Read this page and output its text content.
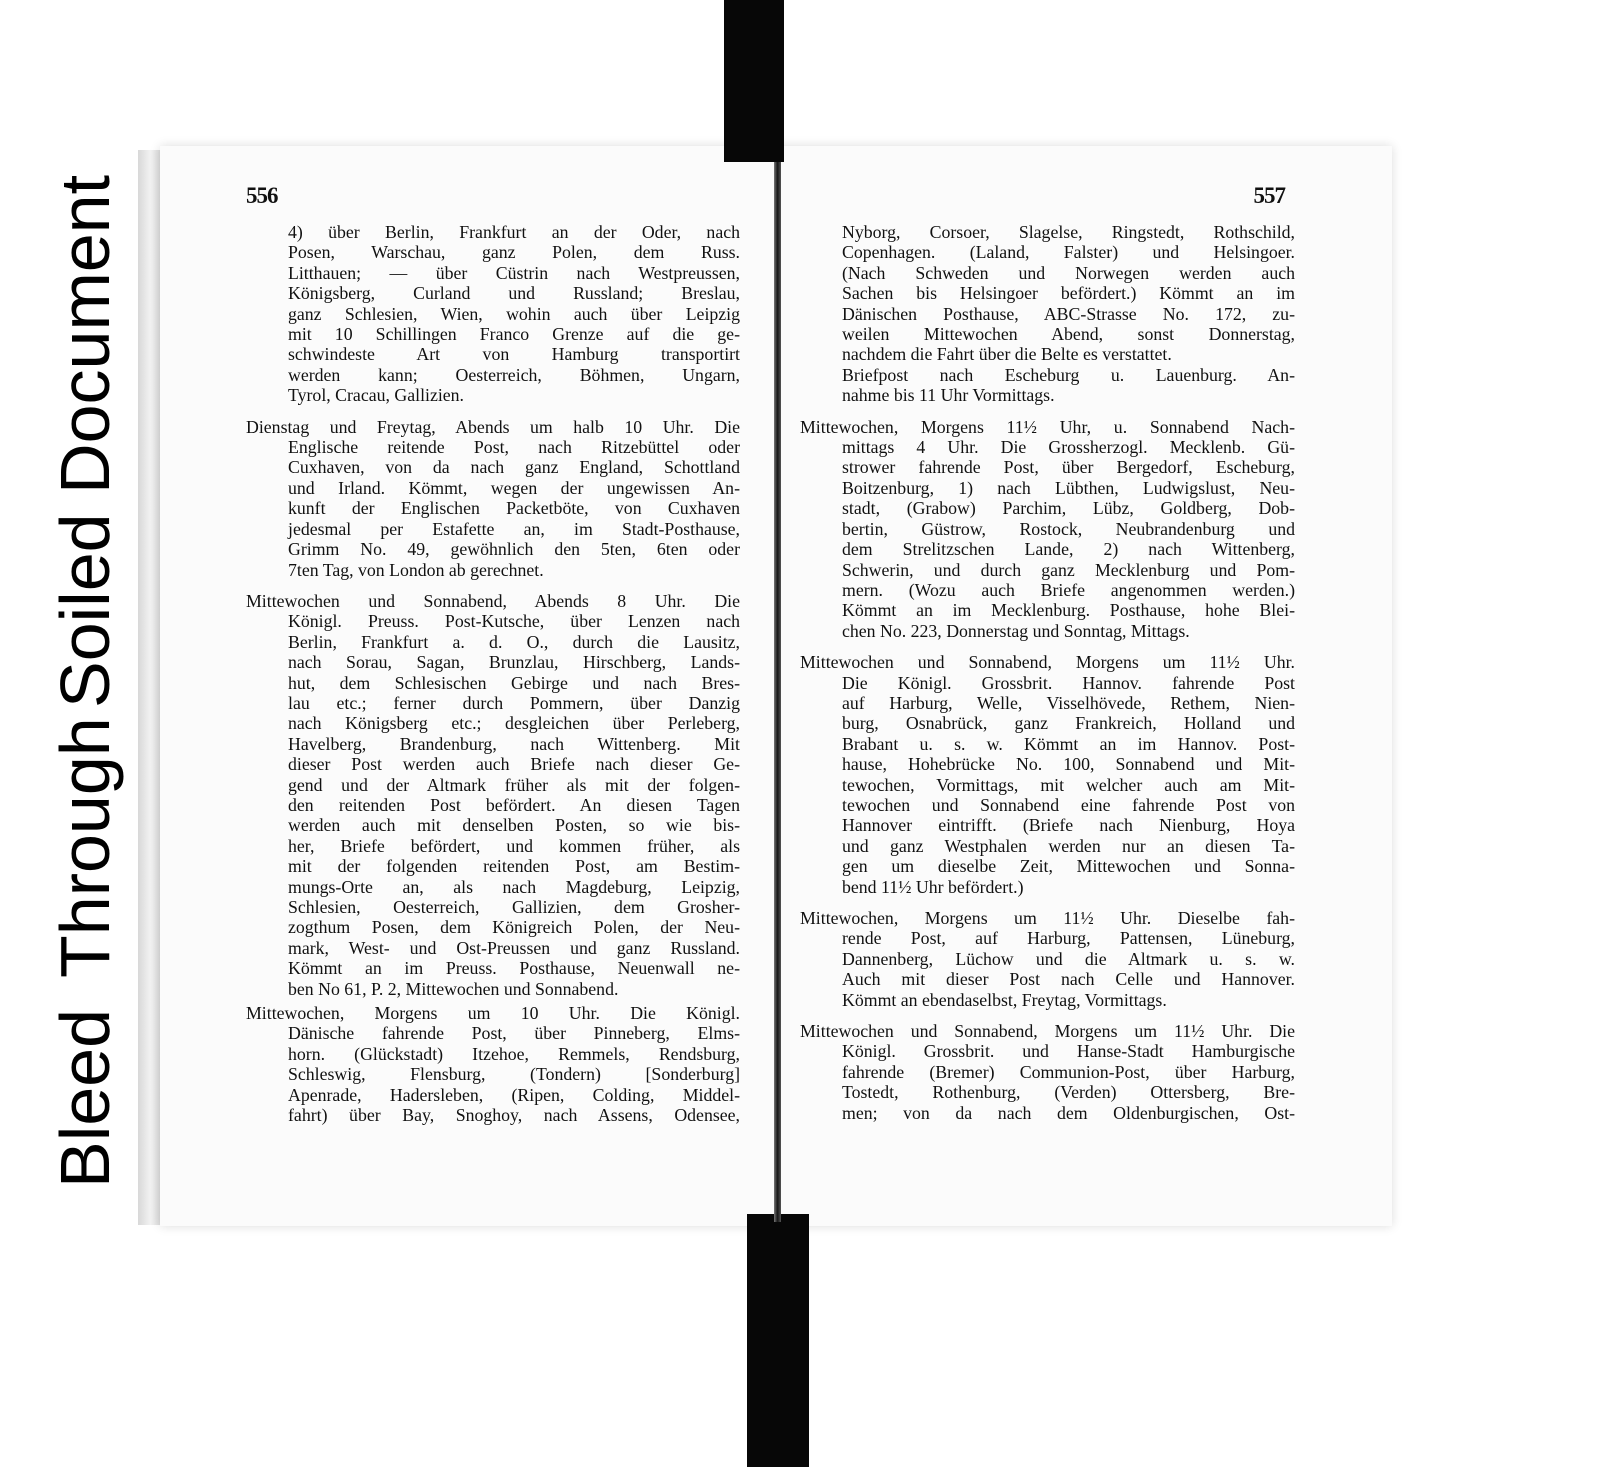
Bleed
Through
Soiled Document	556
4) über Berlin, Frankfurt an der Oder, nach
Posen, Warschau, ganz Polen, dem Russ.
Litthauen; — über Cüstrin nach Westpreussen,
Königsberg, Curland und Russland; Breslau,
ganz Schlesien, Wien, wohin auch über Leipzig
mit 10 Schillingen Franco Grenze auf die ge-
schwindeste Art von Hamburg transportirt
werden kann; Oesterreich, Böhmen, Ungarn,
Tyrol, Cracau, Gallizien.
Dienstag und Freytag, Abends um halb 10 Uhr. Die
Englische reitende Post, nach Ritzebüttel oder
Cuxhaven, von da nach ganz England, Schottland
und Irland. Kömmt, wegen der ungewissen An-
kunft der Englischen Packetböte, von Cuxhaven
jedesmal per Estafette an, im Stadt-Posthause,
Grimm No. 49, gewöhnlich den 5ten, 6ten oder
7ten Tag, von London ab gerechnet.
Mittewochen und Sonnabend, Abends 8 Uhr. Die
Königl. Preuss. Post-Kutsche, über Lenzen nach
Berlin, Frankfurt a. d. O., durch die Lausitz,
nach Sorau, Sagan, Brunzlau, Hirschberg, Lands-
hut, dem Schlesischen Gebirge und nach Bres-
lau etc.; ferner durch Pommern, über Danzig
nach Königsberg etc.; desgleichen über Perleberg,
Havelberg, Brandenburg, nach Wittenberg. Mit
dieser Post werden auch Briefe nach dieser Ge-
gend und der Altmark früher als mit der folgen-
den reitenden Post befördert. An diesen Tagen
werden auch mit denselben Posten, so wie bis-
her, Briefe befördert, und kommen früher, als
mit der folgenden reitenden Post, am Bestim-
mungs-Orte an, als nach Magdeburg, Leipzig,
Schlesien, Oesterreich, Gallizien, dem Grosher-
zogthum Posen, dem Königreich Polen, der Neu-
mark, West- und Ost-Preussen und ganz Russland.
Kömmt an im Preuss. Posthause, Neuenwall ne-
ben No 61, P. 2, Mittewochen und Sonnabend.
Mittewochen, Morgens um 10 Uhr. Die Königl.
Dänische fahrende Post, über Pinneberg, Elms-
horn. (Glückstadt) Itzehoe, Remmels, Rendsburg,
Schleswig, Flensburg, (Tondern) [Sonderburg]
Apenrade, Hadersleben, (Ripen, Colding, Middel-
fahrt) über Bay, Snoghoy, nach Assens, Odensee,
557
Nyborg, Corsoer, Slagelse, Ringstedt, Rothschild,
Copenhagen. (Laland, Falster) und Helsingoer.
(Nach Schweden und Norwegen werden auch
Sachen bis Helsingoer befördert.) Kömmt an im
Dänischen Posthause, ABC-Strasse No. 172, zu-
weilen Mittewochen Abend, sonst Donnerstag,
nachdem die Fahrt über die Belte es verstattet.
Briefpost nach Escheburg u. Lauenburg. An-
nahme bis 11 Uhr Vormittags.
Mittewochen, Morgens 11½ Uhr, u. Sonnabend Nach-
mittags 4 Uhr. Die Grossherzogl. Mecklenb. Gü-
strower fahrende Post, über Bergedorf, Escheburg,
Boitzenburg, 1) nach Lübthen, Ludwigslust, Neu-
stadt, (Grabow) Parchim, Lübz, Goldberg, Dob-
bertin, Güstrow, Rostock, Neubrandenburg und
dem Strelitzschen Lande, 2) nach Wittenberg,
Schwerin, und durch ganz Mecklenburg und Pom-
mern. (Wozu auch Briefe angenommen werden.)
Kömmt an im Mecklenburg. Posthause, hohe Blei-
chen No. 223, Donnerstag und Sonntag, Mittags.
Mittewochen und Sonnabend, Morgens um 11½ Uhr.
Die Königl. Grossbrit. Hannov. fahrende Post
auf Harburg, Welle, Visselhövede, Rethem, Nien-
burg, Osnabrück, ganz Frankreich, Holland und
Brabant u. s. w. Kömmt an im Hannov. Post-
hause, Hohebrücke No. 100, Sonnabend und Mit-
tewochen, Vormittags, mit welcher auch am Mit-
tewochen und Sonnabend eine fahrende Post von
Hannover eintrifft. (Briefe nach Nienburg, Hoya
und ganz Westphalen werden nur an diesen Ta-
gen um dieselbe Zeit, Mittewochen und Sonna-
bend 11½ Uhr befördert.)
Mittewochen, Morgens um 11½ Uhr. Dieselbe fah-
rende Post, auf Harburg, Pattensen, Lüneburg,
Dannenberg, Lüchow und die Altmark u. s. w.
Auch mit dieser Post nach Celle und Hannover.
Kömmt an ebendaselbst, Freytag, Vormittags.
Mittewochen und Sonnabend, Morgens um 11½ Uhr. Die
Königl. Grossbrit. und Hanse-Stadt Hamburgische
fahrende (Bremer) Communion-Post, über Harburg,
Tostedt, Rothenburg, (Verden) Ottersberg, Bre-
men; von da nach dem Oldenburgischen, Ost-
